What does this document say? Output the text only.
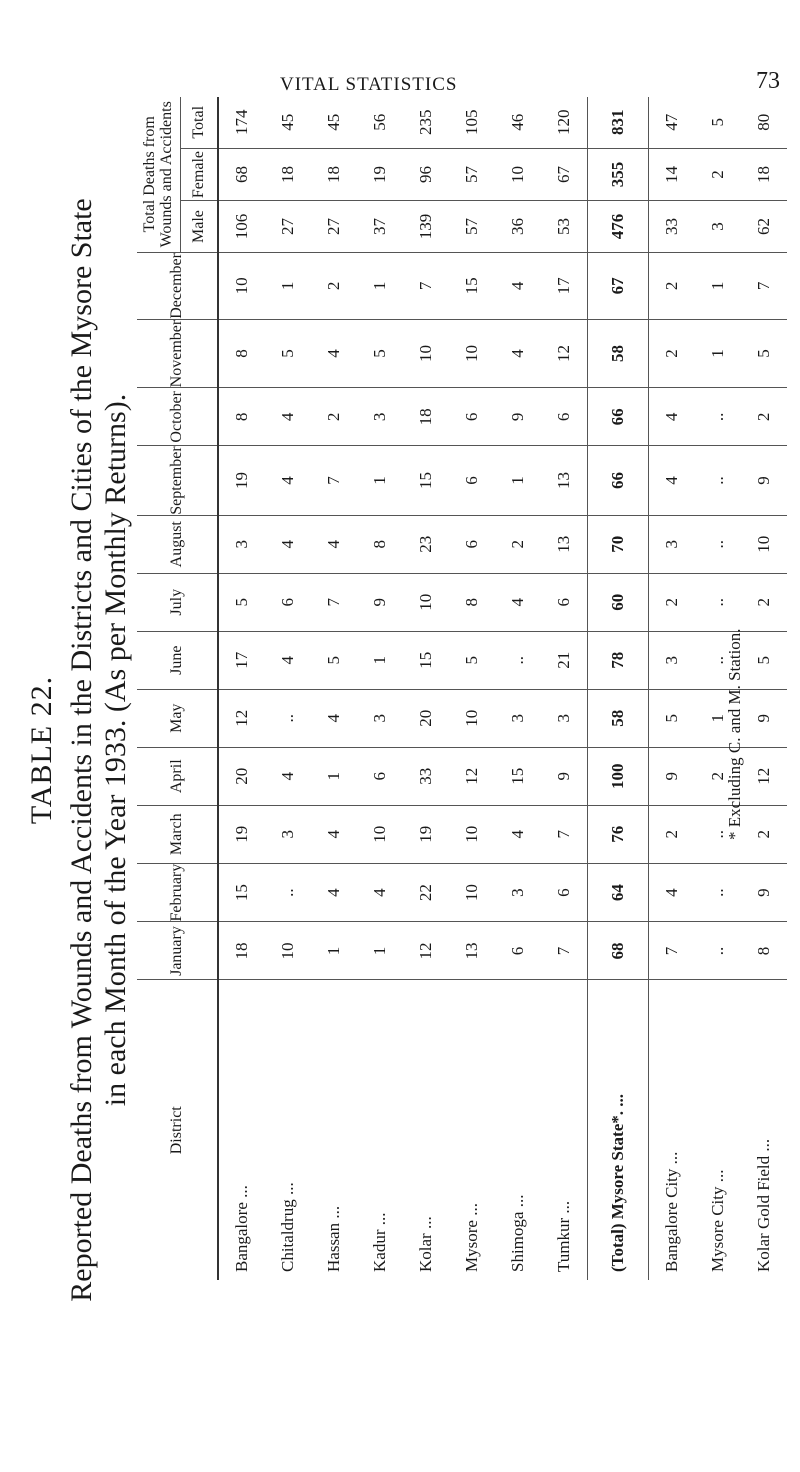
VITAL STATISTICS	73
TABLE 22. Reported Deaths from Wounds and Accidents in the Districts and Cities of the Mysore State in each Month of the Year 1933. (As per Monthly Returns).
District	January	February	March	April	May	June	July	August	September	October	November	December	Total Deaths from Wounds and Accidents		
													Male	Female	Total
Bangalore ...	18	15	19	20	12	17	5	3	19	8	8	10	106	68	174
Chitaldrug ...	10	..	3	4	..	4	6	4	4	4	5	1	27	18	45
Hassan ...	1	4	4	1	4	5	7	4	7	2	4	2	27	18	45
Kadur ...	1	4	10	6	3	1	9	8	1	3	5	1	37	19	56
Kolar ...	12	22	19	33	20	15	10	23	15	18	10	7	139	96	235
Mysore ...	13	10	10	12	10	5	8	6	6	6	10	15	57	57	105
Shimoga ...	6	3	4	15	3	..	4	2	1	9	4	4	36	10	46
Tumkur ...	7	6	7	9	3	21	6	13	13	6	12	17	53	67	120
(Total) Mysore State*. ...	68	64	76	100	58	78	60	70	66	66	58	67	476	355	831
Bangalore City ...	7	4	2	9	5	3	2	3	4	4	2	2	33	14	47
Mysore City ...	..	..	..	2	1	..	..	..	..	..	1	1	3	2	5
Kolar Gold Field ...	8	9	2	12	9	5	2	10	9	2	5	7	62	18	80
* Excluding C. and M. Station.
